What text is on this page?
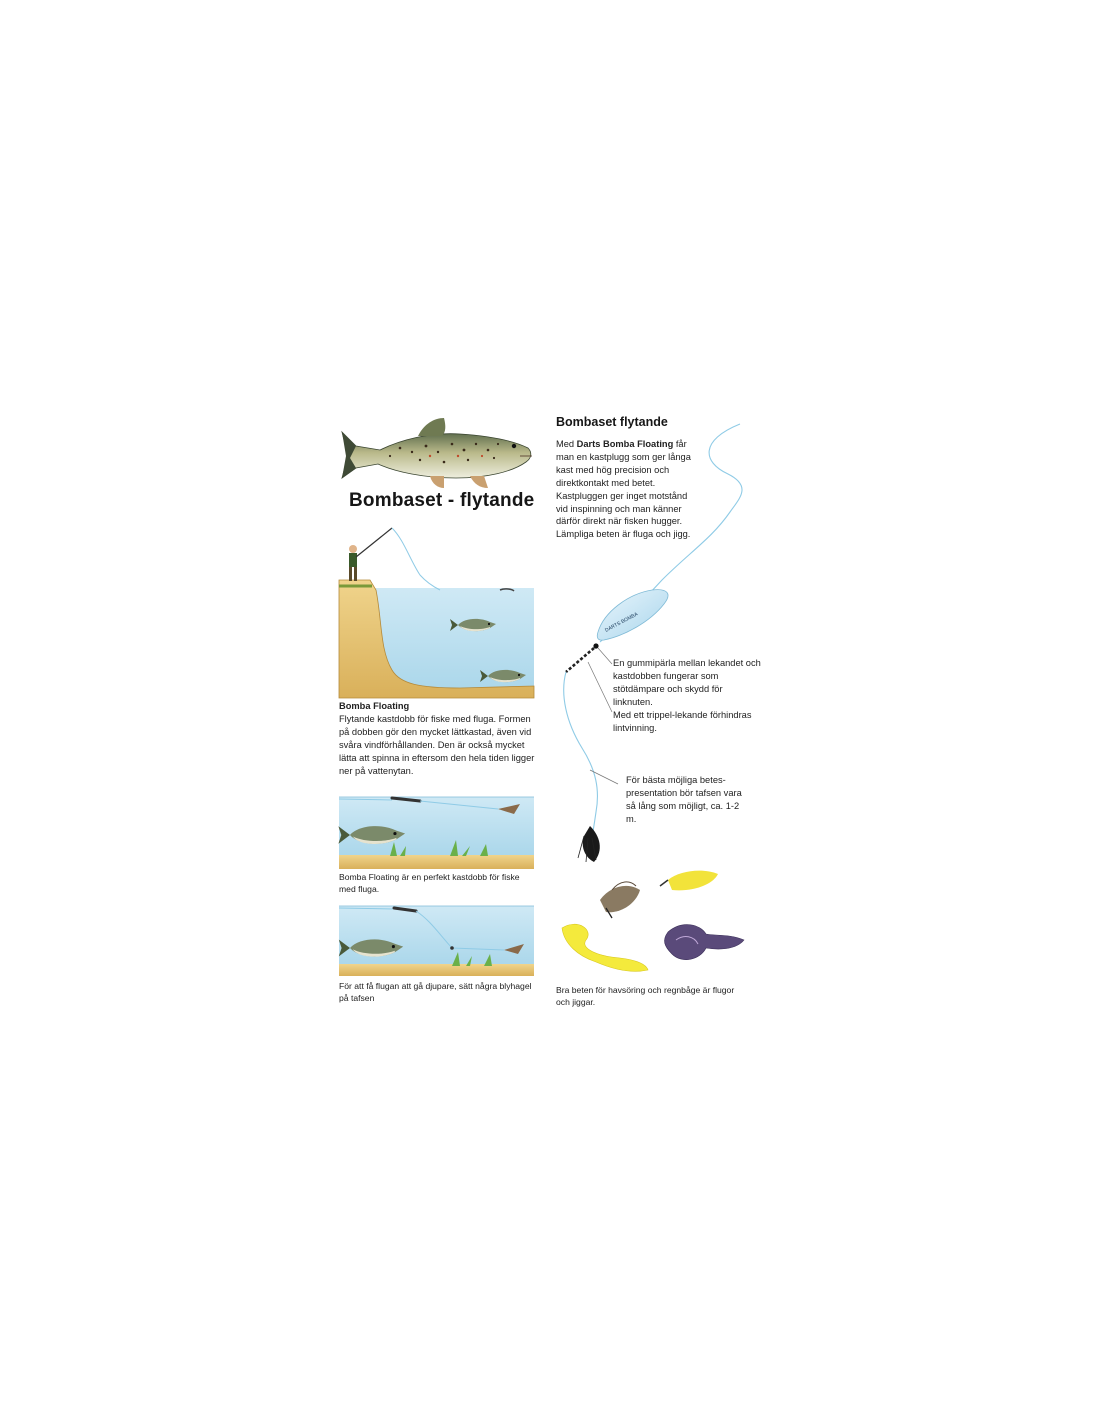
DARTS BOMBA
Bombaset - flytande
Bombaset flytande
Med Darts Bomba Floating får man en kastplugg som ger långa kast med hög precision och direktkontakt med betet. Kastpluggen ger inget motstånd vid inspinning och man känner därför direkt när fisken hugger. Lämpliga beten är fluga och jigg.
Bomba Floating
Flytande kastdobb för fiske med fluga. Formen på dobben gör den mycket lättkastad, även vid svåra vindförhållanden. Den är också mycket lätta att spinna in eftersom den hela tiden ligger ner på vattenytan.
Bomba Floating är en perfekt kastdobb för fiske med fluga.
För att få flugan att gå djupare, sätt några blyhagel på tafsen
En gummipärla mellan lekandet och kastdobben fungerar som stötdämpare och skydd för linknuten.
Med ett trippel-lekande förhindras lintvinning.
För bästa möjliga betes-presentation bör tafsen vara så lång som möjligt, ca. 1-2 m.
Bra beten för havsöring och regnbåge är flugor och jiggar.
